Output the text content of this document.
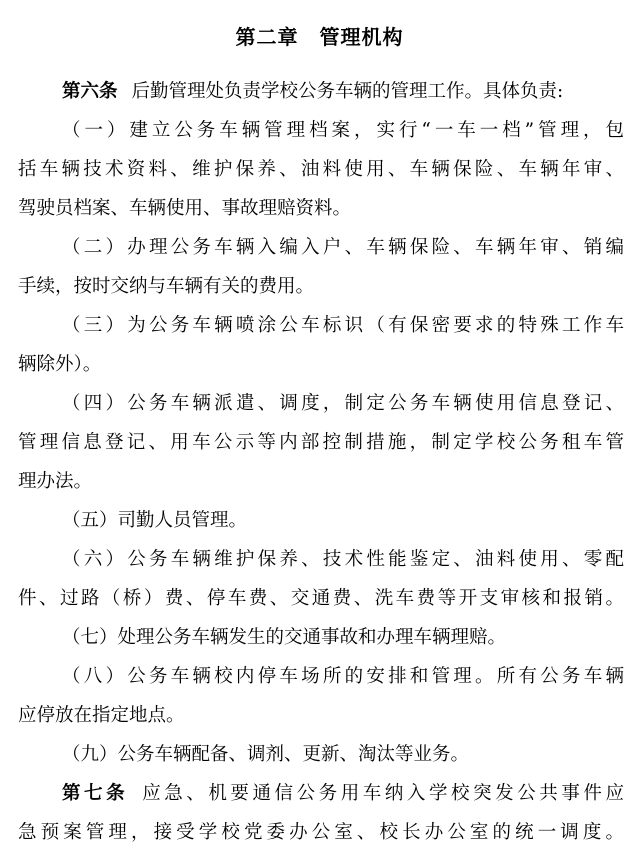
第二章　管理机构
第六条 后勤管理处负责学校公务车辆的管理工作。具体负责:
（一）建立公务车辆管理档案，实行“一车一档”管理，包
括车辆技术资料、维护保养、油料使用、车辆保险、车辆年审、
驾驶员档案、车辆使用、事故理赔资料。
（二）办理公务车辆入编入户、车辆保险、车辆年审、销编
手续，按时交纳与车辆有关的费用。
（三）为公务车辆喷涂公车标识（有保密要求的特殊工作车
辆除外）。
（四）公务车辆派遣、调度，制定公务车辆使用信息登记、
管理信息登记、用车公示等内部控制措施，制定学校公务租车管
理办法。
（五）司勤人员管理。
（六）公务车辆维护保养、技术性能鉴定、油料使用、零配
件、过路（桥）费、停车费、交通费、洗车费等开支审核和报销。
（七）处理公务车辆发生的交通事故和办理车辆理赔。
（八）公务车辆校内停车场所的安排和管理。所有公务车辆
应停放在指定地点。
（九）公务车辆配备、调剂、更新、淘汰等业务。
第七条 应急、机要通信公务用车纳入学校突发公共事件应
急预案管理，接受学校党委办公室、校长办公室的统一调度。
